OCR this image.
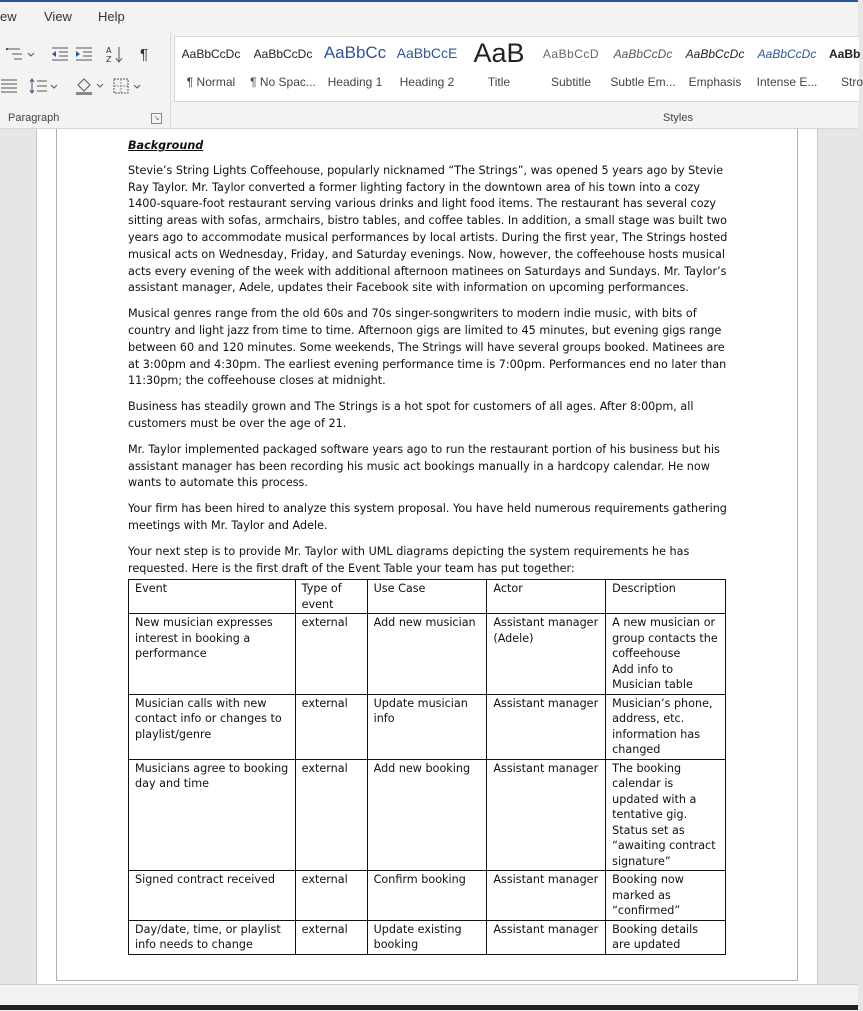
ew View Help
A
Z ¶
Paragraph	↘
AaBbCcDc
¶ Normal
AaBbCcDc
¶ No Spac...
AaBbCc
Heading 1
AaBbCcE
Heading 2
AaB
Title
AaBbCcD
Subtitle
AaBbCcDc
Subtle Em...
AaBbCcDc
Emphasis
AaBbCcDc
Intense E...
AaBb
Stro
Styles
Background

Stevie’s String Lights Coffeehouse, popularly nicknamed “The Strings”, was opened 5 years ago by Stevie Ray Taylor. Mr. Taylor converted a former lighting factory in the downtown area of his town into a cozy 1400-square-foot restaurant serving various drinks and light food items. The restaurant has several cozy sitting areas with sofas, armchairs, bistro tables, and coffee tables. In addition, a small stage was built two years ago to accommodate musical performances by local artists. During the first year, The Strings hosted musical acts on Wednesday, Friday, and Saturday evenings. Now, however, the coffeehouse hosts musical acts every evening of the week with additional afternoon matinees on Saturdays and Sundays. Mr. Taylor’s assistant manager, Adele, updates their Facebook site with information on upcoming performances.

Musical genres range from the old 60s and 70s singer-songwriters to modern indie music, with bits of country and light jazz from time to time. Afternoon gigs are limited to 45 minutes, but evening gigs range between 60 and 120 minutes. Some weekends, The Strings will have several groups booked. Matinees are at 3:00pm and 4:30pm. The earliest evening performance time is 7:00pm. Performances end no later than 11:30pm; the coffeehouse closes at midnight.

Business has steadily grown and The Strings is a hot spot for customers of all ages. After 8:00pm, all customers must be over the age of 21.

Mr. Taylor implemented packaged software years ago to run the restaurant portion of his business but his assistant manager has been recording his music act bookings manually in a hardcopy calendar. He now wants to automate this process.

Your firm has been hired to analyze this system proposal. You have held numerous requirements gathering meetings with Mr. Taylor and Adele.

Your next step is to provide Mr. Taylor with UML diagrams depicting the system requirements he has requested. Here is the first draft of the Event Table your team has put together:

Event	Type of event	Use Case	Actor	Description
New musician expresses interest in booking a performance	external	Add new musician	Assistant manager (Adele)	A new musician or group contacts the coffeehouse
Add info to Musician table
Musician calls with new contact info or changes to playlist/genre	external	Update musician info	Assistant manager	Musician’s phone, address, etc. information has changed
Musicians agree to booking day and time	external	Add new booking	Assistant manager	The booking calendar is updated with a tentative gig. Status set as “awaiting contract signature”
Signed contract received	external	Confirm booking	Assistant manager	Booking now marked as “confirmed”
Day/date, time, or playlist info needs to change	external	Update existing booking	Assistant manager	Booking details are updated
